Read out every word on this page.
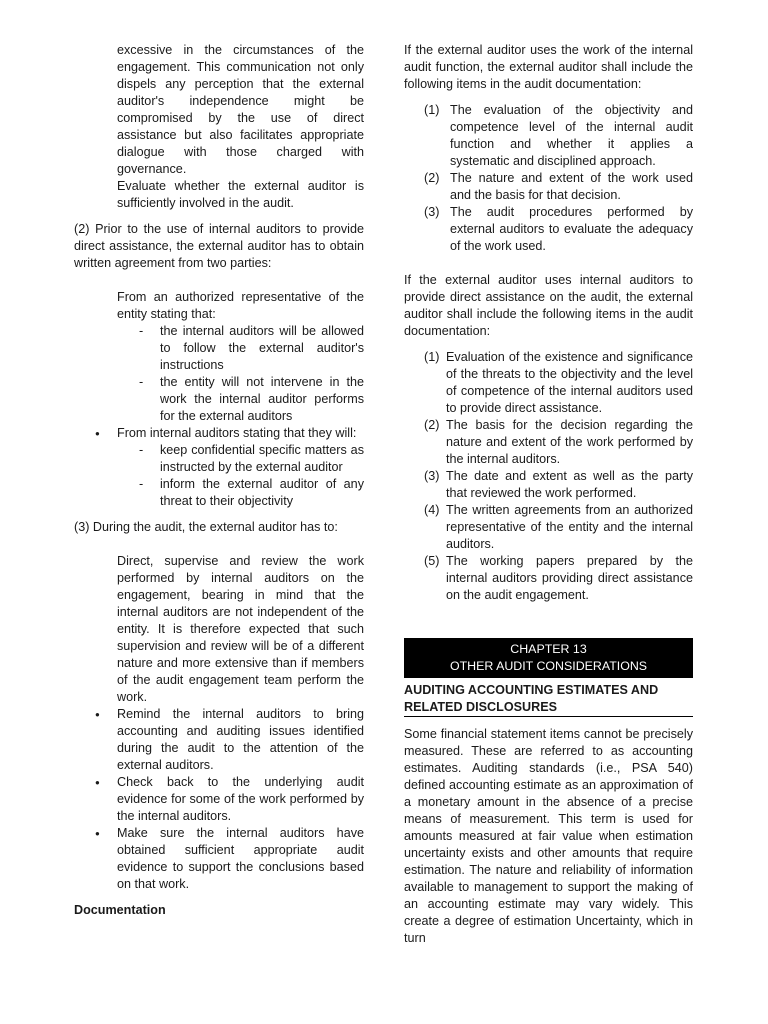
excessive in the circumstances of the engagement. This communication not only dispels any perception that the external auditor's independence might be compromised by the use of direct assistance but also facilitates appropriate dialogue with those charged with governance.
Evaluate whether the external auditor is sufficiently involved in the audit.

(2) Prior to the use of internal auditors to provide direct assistance, the external auditor has to obtain written agreement from two parties:

From an authorized representative of the entity stating that:
- the internal auditors will be allowed to follow the external auditor's instructions
- the entity will not intervene in the work the internal auditor performs for the external auditors
● From internal auditors stating that they will:
- keep confidential specific matters as instructed by the external auditor
- inform the external auditor of any threat to their objectivity

(3) During the audit, the external auditor has to:

Direct, supervise and review the work performed by internal auditors on the engagement, bearing in mind that the internal auditors are not independent of the entity. It is therefore expected that such supervision and review will be of a different nature and more extensive than if members of the audit engagement team perform the work.
● Remind the internal auditors to bring accounting and auditing issues identified during the audit to the attention of the external auditors.
● Check back to the underlying audit evidence for some of the work performed by the internal auditors.
● Make sure the internal auditors have obtained sufficient appropriate audit evidence to support the conclusions based on that work.

Documentation

If the external auditor uses the work of the internal audit function, the external auditor shall include the following items in the audit documentation:

(1) The evaluation of the objectivity and competence level of the internal audit function and whether it applies a systematic and disciplined approach.
(2) The nature and extent of the work used and the basis for that decision.
(3) The audit procedures performed by external auditors to evaluate the adequacy of the work used.

If the external auditor uses internal auditors to provide direct assistance on the audit, the external auditor shall include the following items in the audit documentation:

(1) Evaluation of the existence and significance of the threats to the objectivity and the level of competence of the internal auditors used to provide direct assistance.
(2) The basis for the decision regarding the nature and extent of the work performed by the internal auditors.
(3) The date and extent as well as the party that reviewed the work performed.
(4) The written agreements from an authorized representative of the entity and the internal auditors.
(5) The working papers prepared by the internal auditors providing direct assistance on the audit engagement.
CHAPTER 13
OTHER AUDIT CONSIDERATIONS
AUDITING ACCOUNTING ESTIMATES AND RELATED DISCLOSURES

Some financial statement items cannot be precisely measured. These are referred to as accounting estimates. Auditing standards (i.e., PSA 540) defined accounting estimate as an approximation of a monetary amount in the absence of a precise means of measurement. This term is used for amounts measured at fair value when estimation uncertainty exists and other amounts that require estimation. The nature and reliability of information available to management to support the making of an accounting estimate may vary widely. This create a degree of estimation Uncertainty, which in turn
